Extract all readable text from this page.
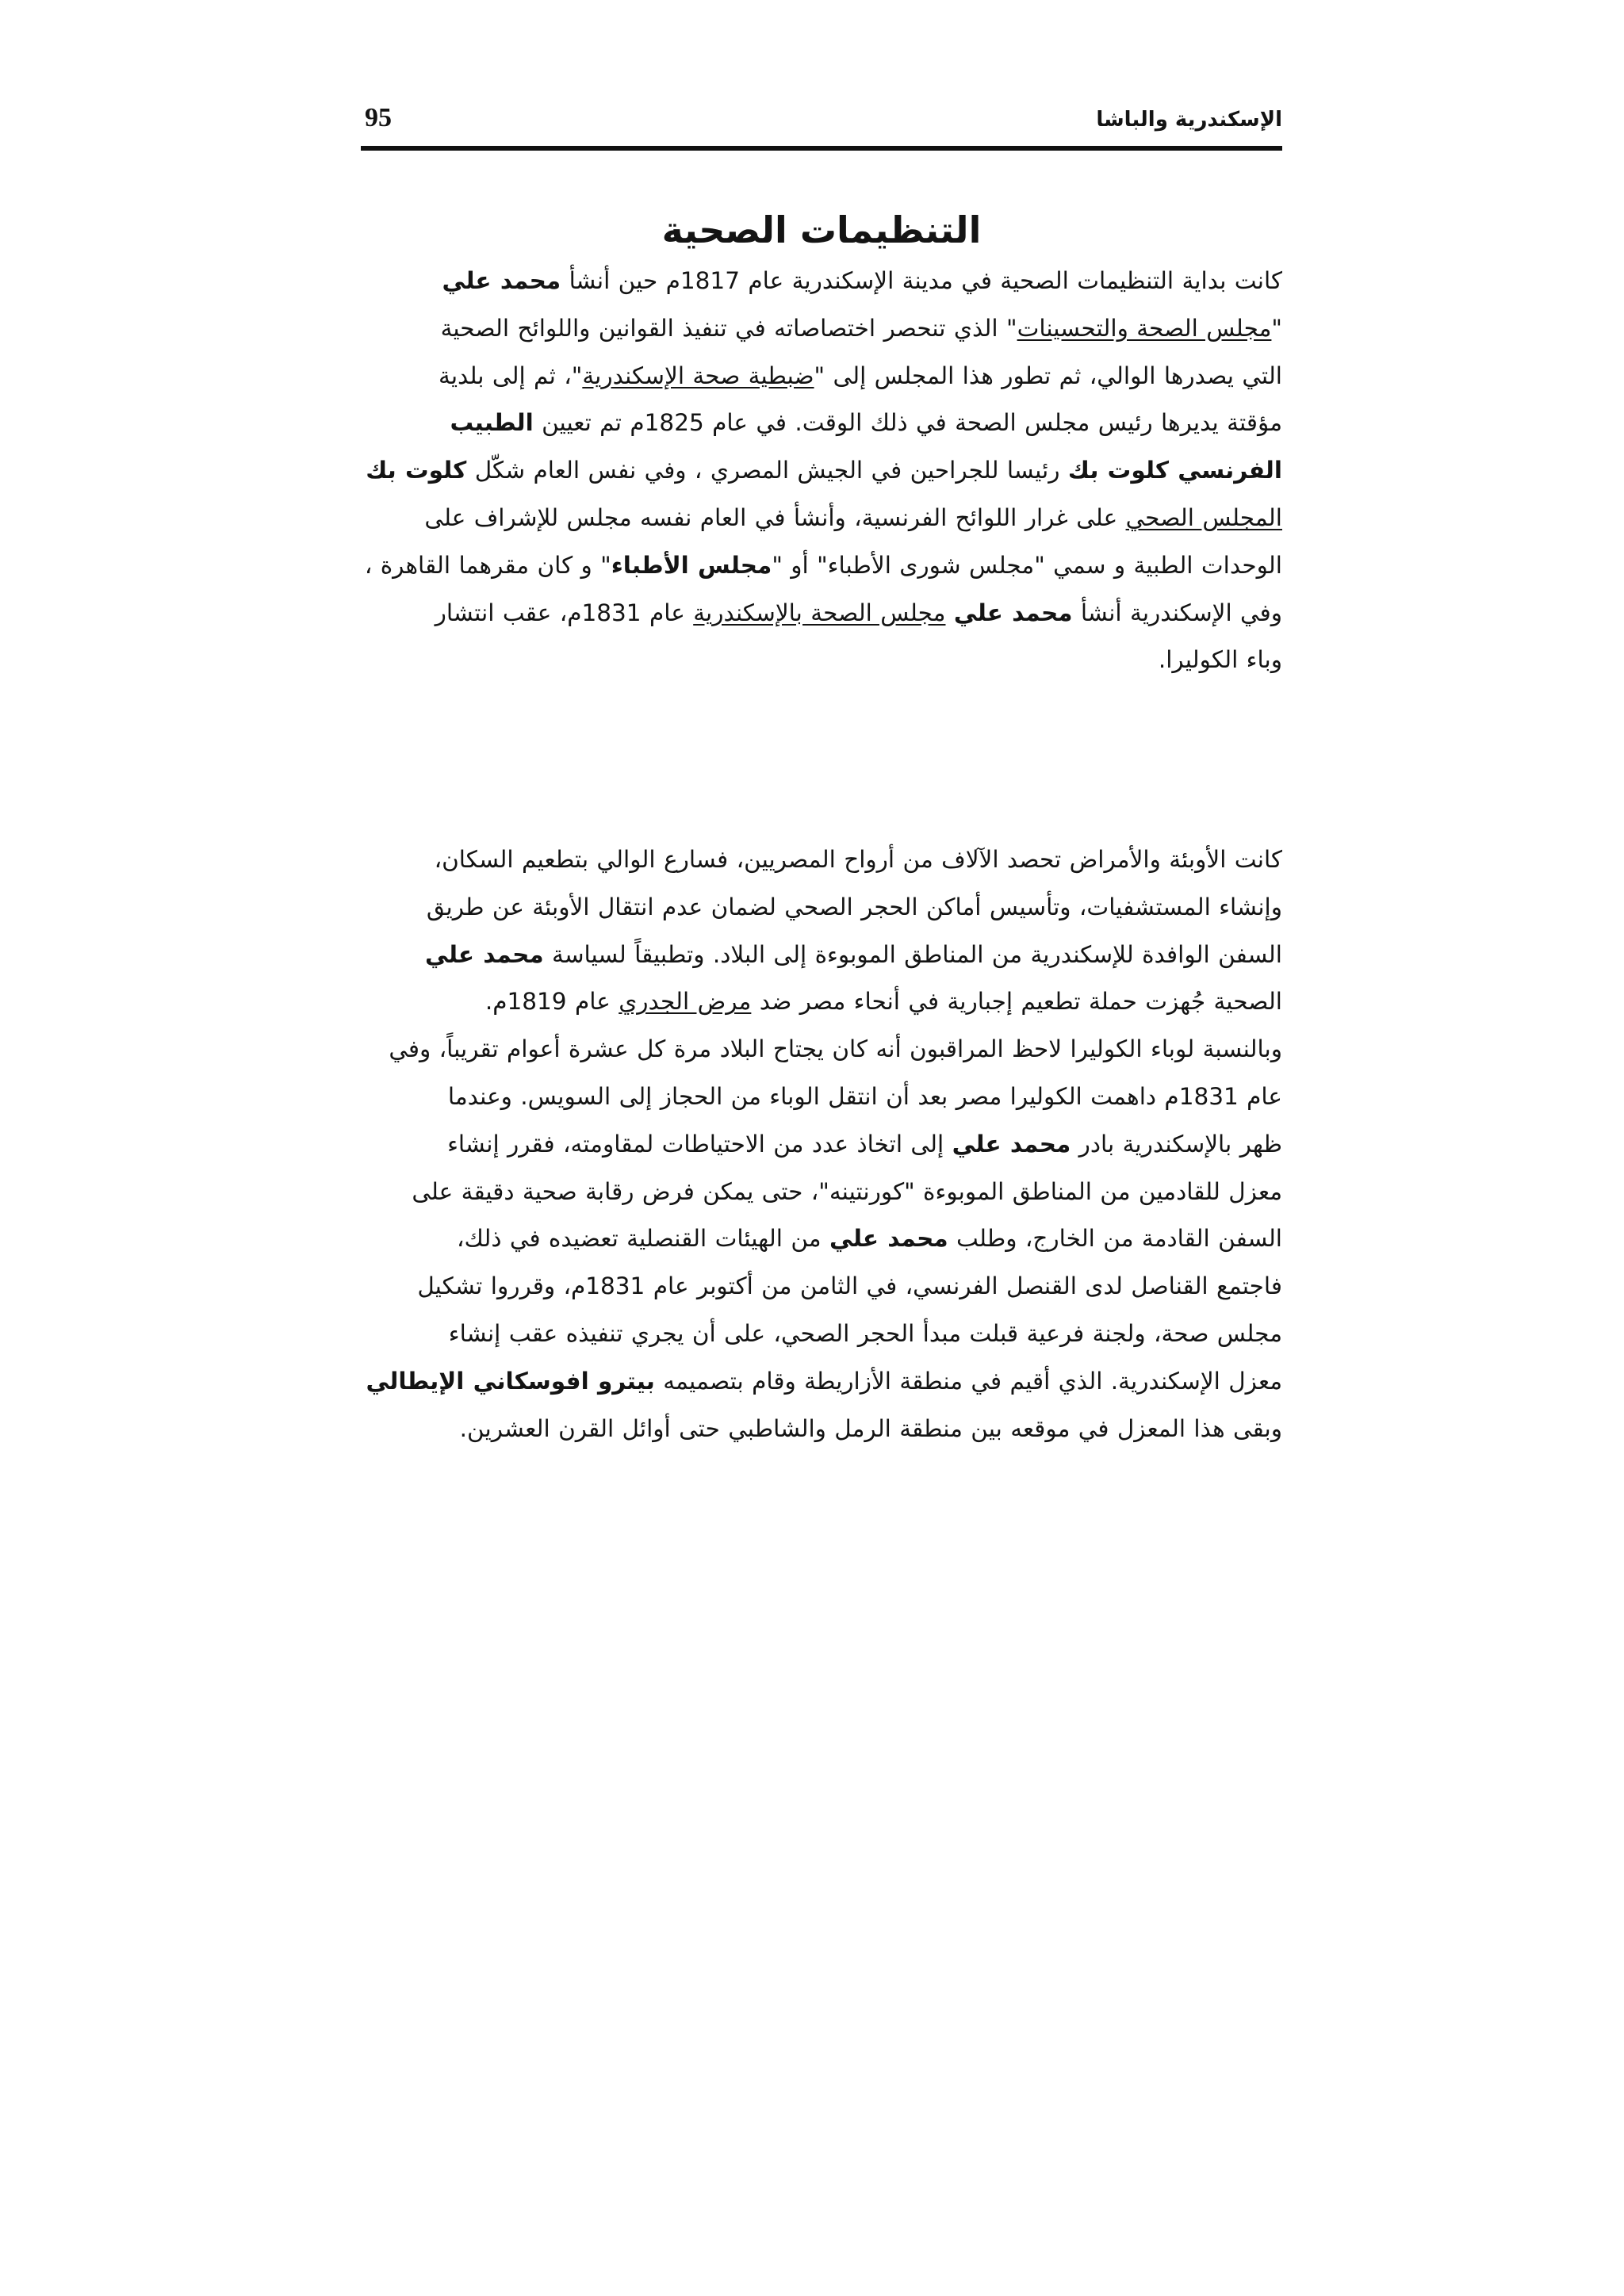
الإسكندرية والباشا
95
التنظيمات الصحية

كانت بداية التنظيمات الصحية في مدينة الإسكندرية عام 1817م حين أنشأ محمد علي
"مجلس الصحة والتحسينات" الذي تنحصر اختصاصاته في تنفيذ القوانين واللوائح الصحية
التي يصدرها الوالي، ثم تطور هذا المجلس إلى "ضبطية صحة الإسكندرية"، ثم إلى بلدية
مؤقتة يديرها رئيس مجلس الصحة في ذلك الوقت. في عام 1825م تم تعيين الطبيب
الفرنسي كلوت بك رئيسا للجراحين في الجيش المصري ، وفي نفس العام شكّل كلوت بك
المجلس الصحي على غرار اللوائح الفرنسية، وأنشأ في العام نفسه مجلس للإشراف على
الوحدات الطبية و سمي "مجلس شورى الأطباء" أو "مجلس الأطباء" و كان مقرهما القاهرة ،
وفي الإسكندرية أنشأ محمد علي مجلس الصحة بالإسكندرية عام 1831م، عقب انتشار
وباء الكوليرا.

كانت الأوبئة والأمراض تحصد الآلاف من أرواح المصريين، فسارع الوالي بتطعيم السكان،
وإنشاء المستشفيات، وتأسيس أماكن الحجر الصحي لضمان عدم انتقال الأوبئة عن طريق
السفن الوافدة للإسكندرية من المناطق الموبوءة إلى البلاد. وتطبيقاً لسياسة محمد علي
الصحية جُهزت حملة تطعيم إجبارية في أنحاء مصر ضد مرض الجدري عام 1819م.
وبالنسبة لوباء الكوليرا لاحظ المراقبون أنه كان يجتاح البلاد مرة كل عشرة أعوام تقريباً، وفي
عام 1831م داهمت الكوليرا مصر بعد أن انتقل الوباء من الحجاز إلى السويس. وعندما
ظهر بالإسكندرية بادر محمد علي إلى اتخاذ عدد من الاحتياطات لمقاومته، فقرر إنشاء
معزل للقادمين من المناطق الموبوءة "كورنتينه"، حتى يمكن فرض رقابة صحية دقيقة على
السفن القادمة من الخارج، وطلب محمد علي من الهيئات القنصلية تعضيده في ذلك،
فاجتمع القناصل لدى القنصل الفرنسي، في الثامن من أكتوبر عام 1831م، وقرروا تشكيل
مجلس صحة، ولجنة فرعية قبلت مبدأ الحجر الصحي، على أن يجري تنفيذه عقب إنشاء
معزل الإسكندرية. الذي أقيم في منطقة الأزاريطة وقام بتصميمه بيترو افوسكاني الإيطالي
وبقى هذا المعزل في موقعه بين منطقة الرمل والشاطبي حتى أوائل القرن العشرين.
